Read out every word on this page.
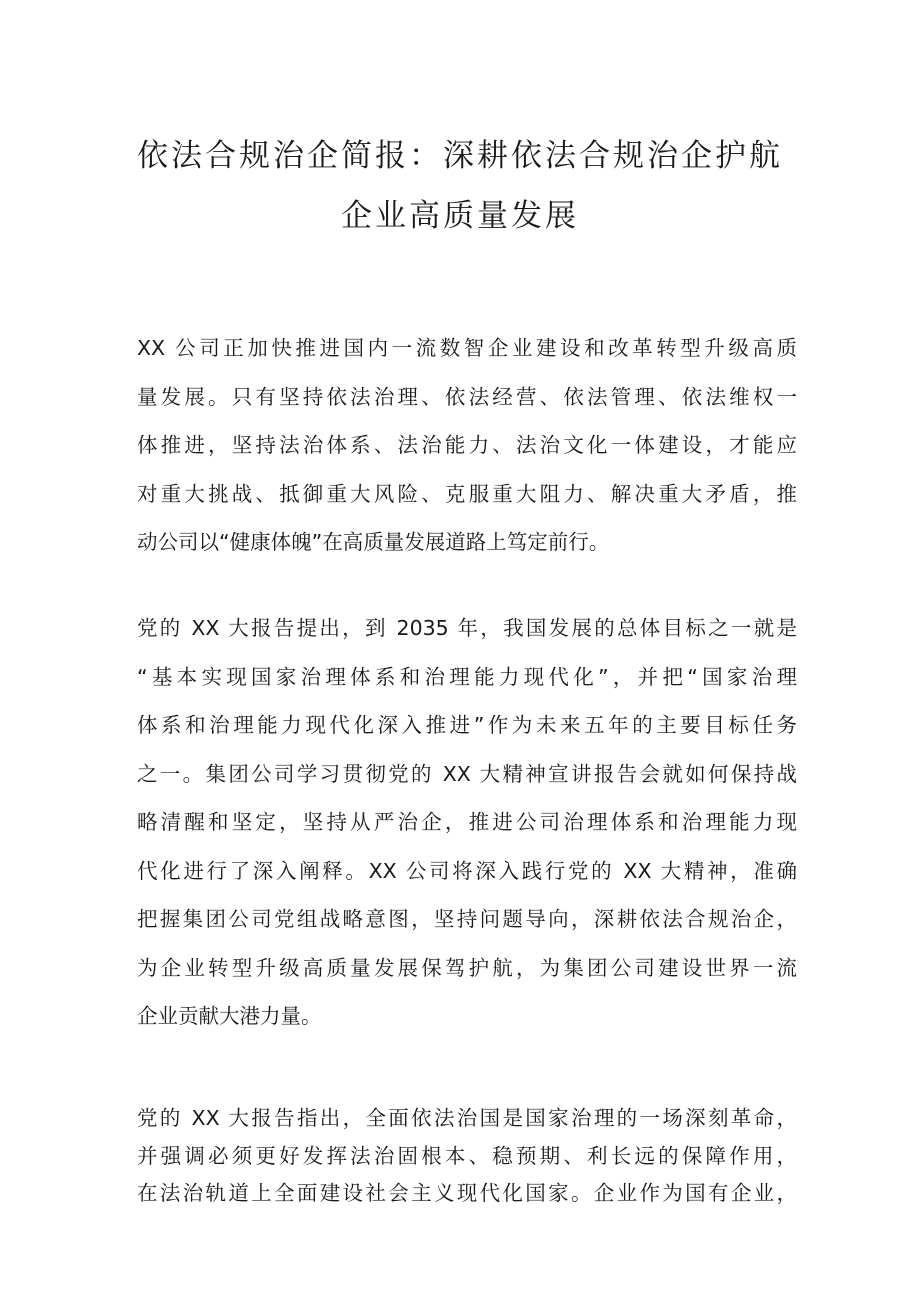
依法合规治企简报：深耕依法合规治企护航
企业高质量发展

XX 公司正加快推进国内一流数智企业建设和改革转型升级高质
量发展。只有坚持依法治理、依法经营、依法管理、依法维权一
体推进，坚持法治体系、法治能力、法治文化一体建设，才能应
对重大挑战、抵御重大风险、克服重大阻力、解决重大矛盾，推
动公司以“健康体魄”在高质量发展道路上笃定前行。

党的 XX 大报告提出，到 2035 年，我国发展的总体目标之一就是
“基本实现国家治理体系和治理能力现代化”，并把“国家治理
体系和治理能力现代化深入推进”作为未来五年的主要目标任务
之一。集团公司学习贯彻党的 XX 大精神宣讲报告会就如何保持战
略清醒和坚定，坚持从严治企，推进公司治理体系和治理能力现
代化进行了深入阐释。XX 公司将深入践行党的 XX 大精神，准确
把握集团公司党组战略意图，坚持问题导向，深耕依法合规治企，
为企业转型升级高质量发展保驾护航，为集团公司建设世界一流
企业贡献大港力量。

党的 XX 大报告指出，全面依法治国是国家治理的一场深刻革命，
并强调必须更好发挥法治固根本、稳预期、利长远的保障作用，
在法治轨道上全面建设社会主义现代化国家。企业作为国有企业，
